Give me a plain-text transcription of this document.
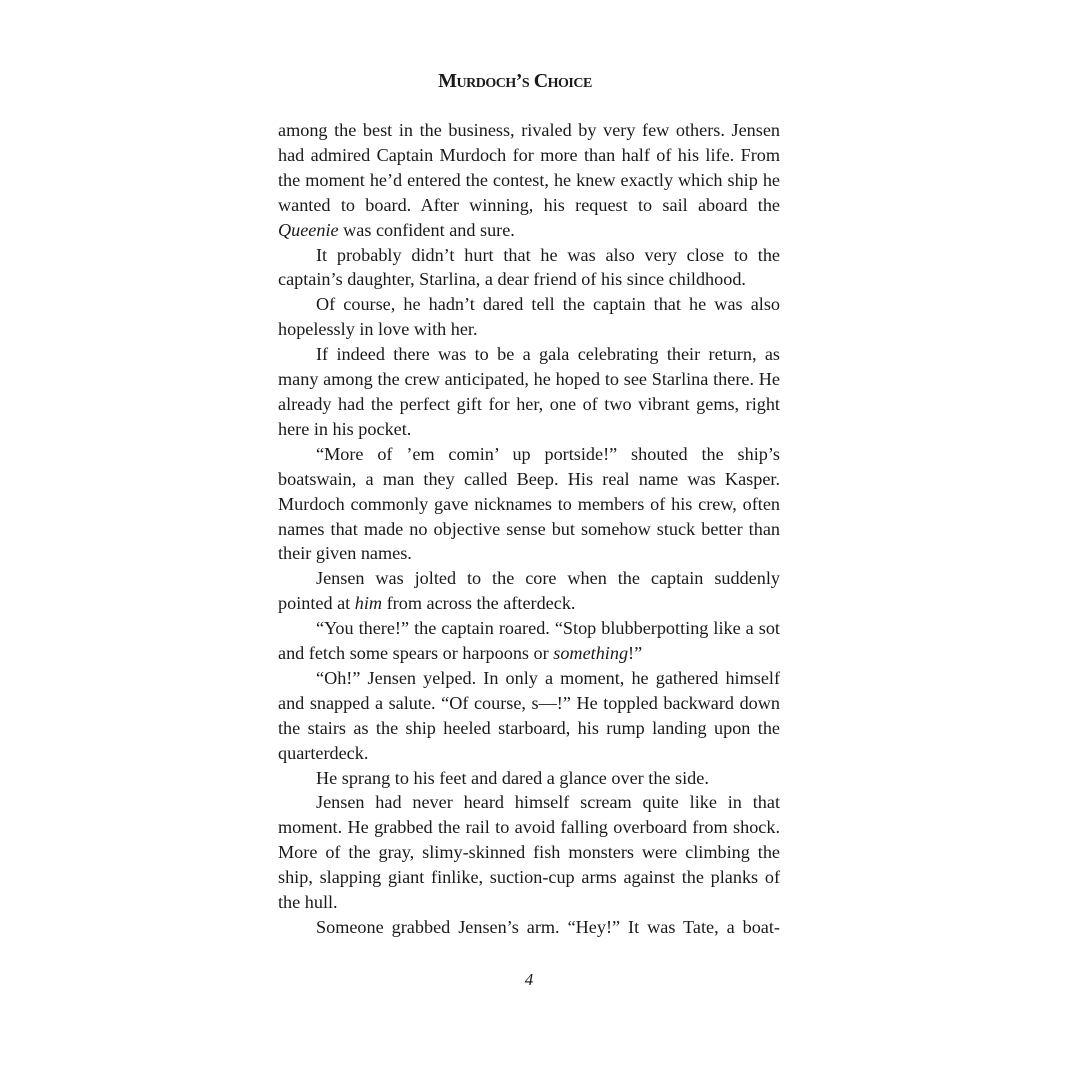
Murdoch’s Choice

among the best in the business, rivaled by very few others. Jensen had admired Captain Murdoch for more than half of his life. From the moment he’d entered the contest, he knew exactly which ship he wanted to board. After winning, his request to sail aboard the Queenie was confident and sure.

It probably didn’t hurt that he was also very close to the captain’s daughter, Starlina, a dear friend of his since childhood.

Of course, he hadn’t dared tell the captain that he was also hopelessly in love with her.

If indeed there was to be a gala celebrating their return, as many among the crew anticipated, he hoped to see Starlina there. He already had the perfect gift for her, one of two vibrant gems, right here in his pocket.

“More of ’em comin’ up portside!” shouted the ship’s boatswain, a man they called Beep. His real name was Kasper. Murdoch commonly gave nicknames to members of his crew, often names that made no objective sense but somehow stuck better than their given names.

Jensen was jolted to the core when the captain suddenly pointed at him from across the afterdeck.

“You there!” the captain roared. “Stop blubberpotting like a sot and fetch some spears or harpoons or something!”

“Oh!” Jensen yelped. In only a moment, he gathered himself and snapped a salute. “Of course, s—!” He toppled backward down the stairs as the ship heeled starboard, his rump landing upon the quarterdeck.

He sprang to his feet and dared a glance over the side.

Jensen had never heard himself scream quite like in that moment. He grabbed the rail to avoid falling overboard from shock. More of the gray, slimy-skinned fish monsters were climbing the ship, slapping giant finlike, suction-cup arms against the planks of the hull.

Someone grabbed Jensen’s arm. “Hey!” It was Tate, a boat-

4
